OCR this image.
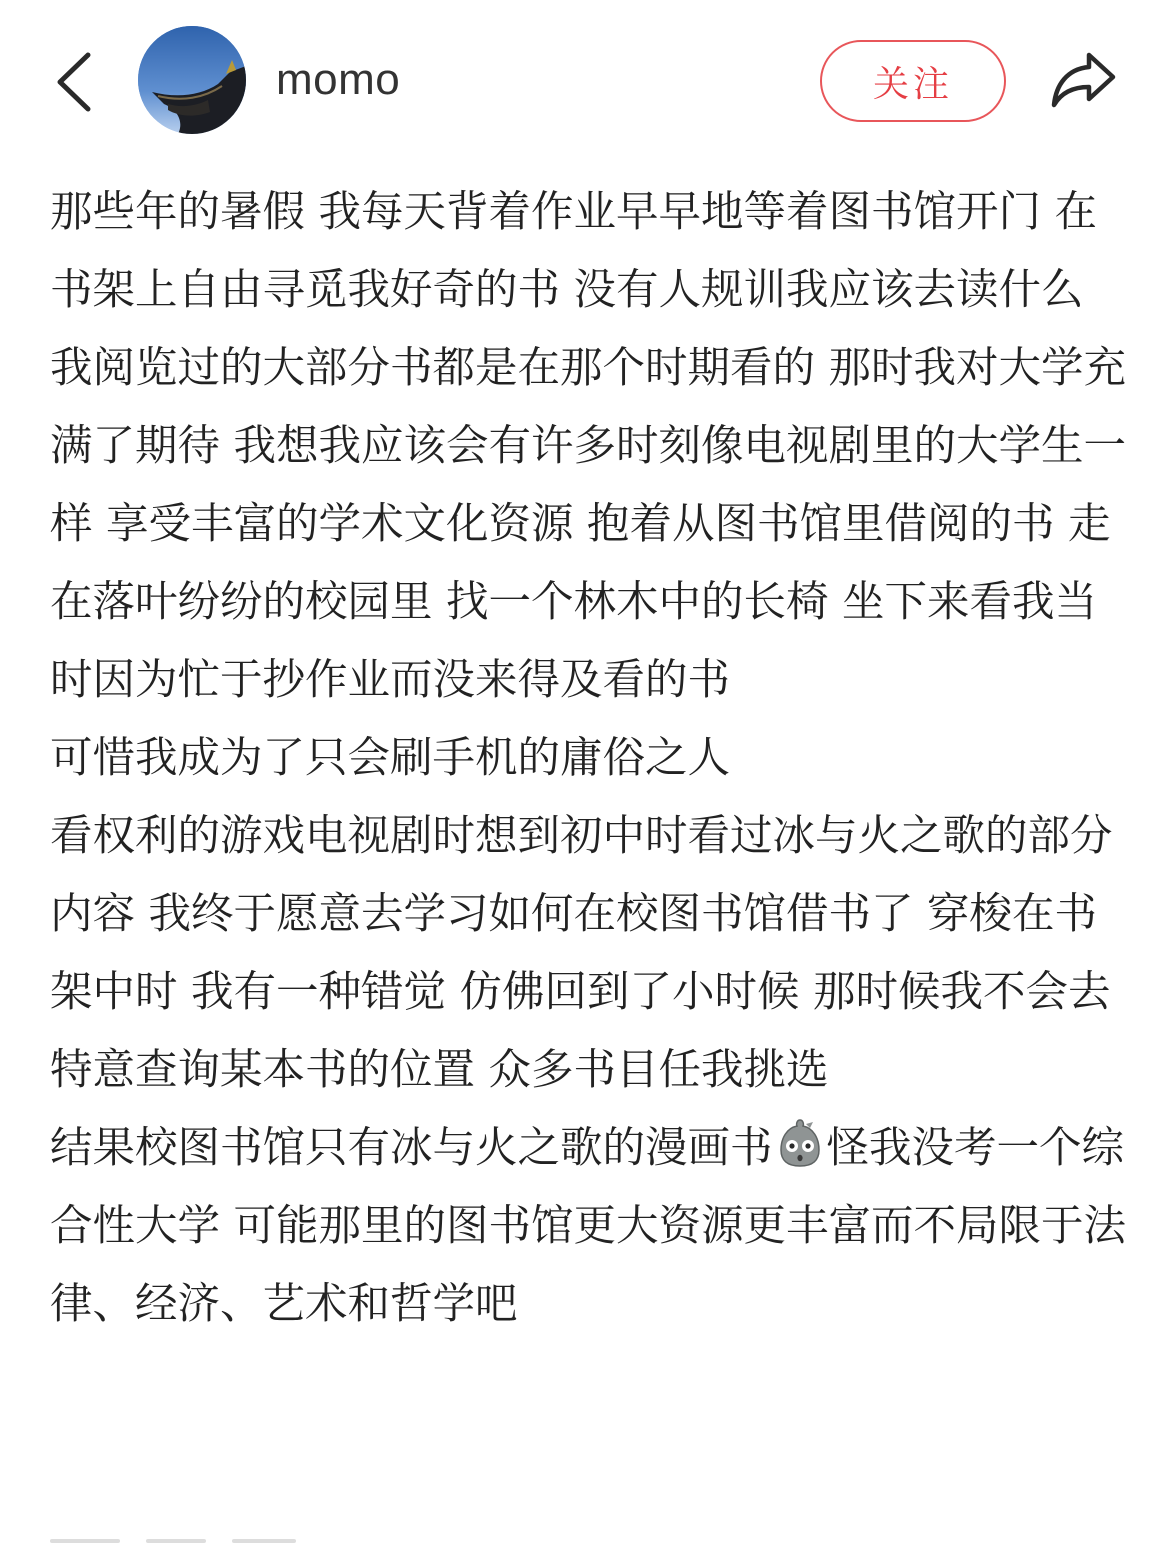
momo	关注
那些年的暑假 我每天背着作业早早地等着图书馆开门 在书架上自由寻觅我好奇的书 没有人规训我应该去读什么 我阅览过的大部分书都是在那个时期看的 那时我对大学充满了期待 我想我应该会有许多时刻像电视剧里的大学生一样 享受丰富的学术文化资源 抱着从图书馆里借阅的书 走在落叶纷纷的校园里 找一个林木中的长椅 坐下来看我当时因为忙于抄作业而没来得及看的书
可惜我成为了只会刷手机的庸俗之人
看权利的游戏电视剧时想到初中时看过冰与火之歌的部分内容 我终于愿意去学习如何在校图书馆借书了 穿梭在书架中时 我有一种错觉 仿佛回到了小时候 那时候我不会去特意查询某本书的位置 众多书目任我挑选
结果校图书馆只有冰与火之歌的漫画书 怪我没考一个综合性大学 可能那里的图书馆更大资源更丰富而不局限于法律、经济、艺术和哲学吧
